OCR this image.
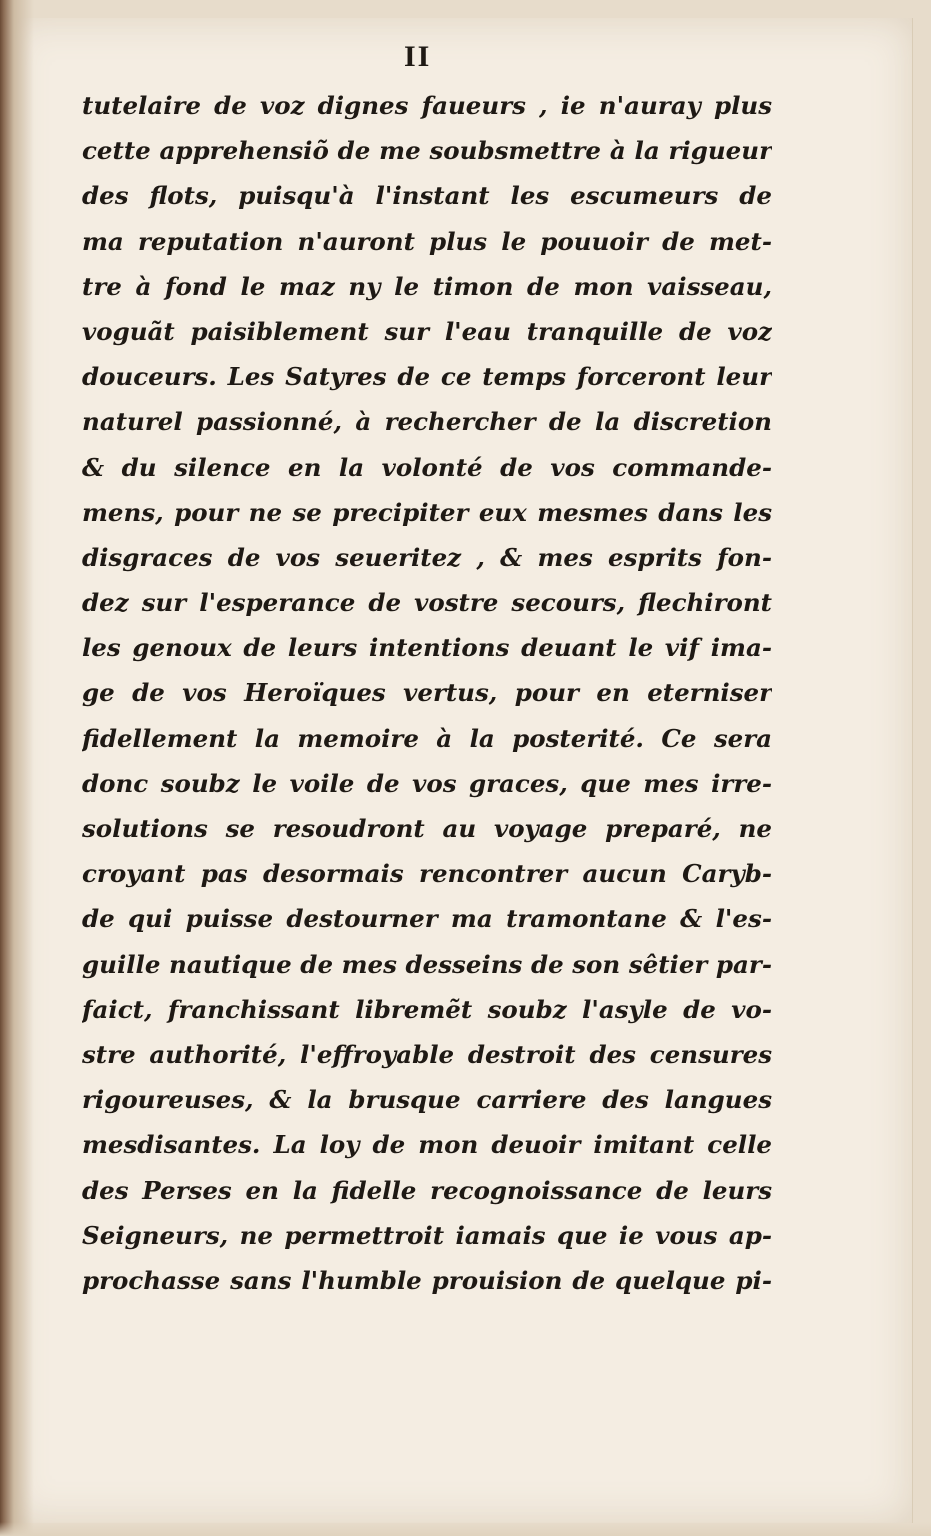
II
tutelaire de voz dignes faueurs , ie n'auray plus
cette apprehensiõ de me soubsmettre à la rigueur
des flots, puisqu'à l'instant les escumeurs de
ma reputation n'auront plus le pouuoir de met-
tre à fond le maz ny le timon de mon vaisseau,
voguãt paisiblement sur l'eau tranquille de voz
douceurs. Les Satyres de ce temps forceront leur
naturel passionné, à rechercher de la discretion
& du silence en la volonté de vos commande-
mens, pour ne se precipiter eux mesmes dans les
disgraces de vos seueritez , & mes esprits fon-
dez sur l'esperance de vostre secours, flechiront
les genoux de leurs intentions deuant le vif ima-
ge de vos Heroïques vertus, pour en eterniser
fidellement la memoire à la posterité. Ce sera
donc soubz le voile de vos graces, que mes irre-
solutions se resoudront au voyage preparé, ne
croyant pas desormais rencontrer aucun Caryb-
de qui puisse destourner ma tramontane & l'es-
guille nautique de mes desseins de son sêtier par-
faict, franchissant libremẽt soubz l'asyle de vo-
stre authorité, l'effroyable destroit des censures
rigoureuses, & la brusque carriere des langues
mesdisantes. La loy de mon deuoir imitant celle
des Perses en la fidelle recognoissance de leurs
Seigneurs, ne permettroit iamais que ie vous ap-
prochasse sans l'humble prouision de quelque pi-
